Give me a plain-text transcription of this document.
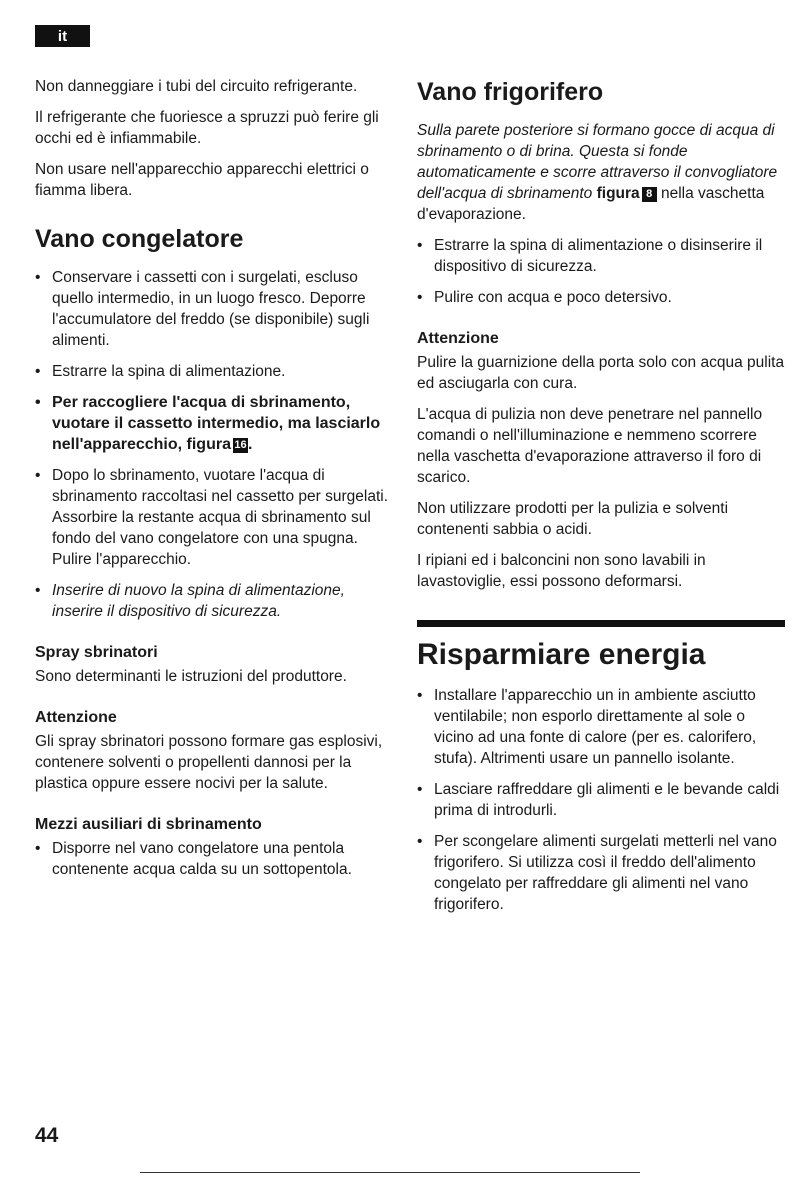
it

Non danneggiare i tubi del circuito refrigerante.

Il refrigerante che fuoriesce a spruzzi può ferire gli occhi ed è infiammabile.

Non usare nell'apparecchio apparecchi elettrici o fiamma libera.

Vano congelatore
• Conservare i cassetti con i surgelati, escluso quello intermedio, in un luogo fresco. Deporre l'accumulatore del freddo (se disponibile) sugli alimenti.
• Estrarre la spina di alimentazione.
• Per raccogliere l'acqua di sbrinamento, vuotare il cassetto intermedio, ma lasciarlo nell'apparecchio, figura 16.
• Dopo lo sbrinamento, vuotare l'acqua di sbrinamento raccoltasi nel cassetto per surgelati. Assorbire la restante acqua di sbrinamento sul fondo del vano congelatore con una spugna. Pulire l'apparecchio.
• Inserire di nuovo la spina di alimentazione, inserire il dispositivo di sicurezza.
Spray sbrinatori

Sono determinanti le istruzioni del produttore.

Attenzione

Gli spray sbrinatori possono formare gas esplosivi, contenere solventi o propellenti dannosi per la plastica oppure essere nocivi per la salute.

Mezzi ausiliari di sbrinamento
• Disporre nel vano congelatore una pentola contenente acqua calda su un sottopentola.
Vano frigorifero

Sulla parete posteriore si formano gocce di acqua di sbrinamento o di brina. Questa si fonde automaticamente e scorre attraverso il convogliatore dell'acqua di sbrinamento figura 8 nella vaschetta d'evaporazione.

• Estrarre la spina di alimentazione o disinserire il dispositivo di sicurezza.
• Pulire con acqua e poco detersivo.
Attenzione

Pulire la guarnizione della porta solo con acqua pulita ed asciugarla con cura.

L'acqua di pulizia non deve penetrare nel pannello comandi o nell'illuminazione e nemmeno scorrere nella vaschetta d'evaporazione attraverso il foro di scarico.

Non utilizzare prodotti per la pulizia e solventi contenenti sabbia o acidi.

I ripiani ed i balconcini non sono lavabili in lavastoviglie, essi possono deformarsi.

Risparmiare energia
• Installare l'apparecchio un in ambiente asciutto ventilabile; non esporlo direttamente al sole o vicino ad una fonte di calore (per es. calorifero, stufa). Altrimenti usare un pannello isolante.
• Lasciare raffreddare gli alimenti e le bevande caldi prima di introdurli.
• Per scongelare alimenti surgelati metterli nel vano frigorifero. Si utilizza così il freddo dell'alimento congelato per raffreddare gli alimenti nel vano frigorifero.
44
